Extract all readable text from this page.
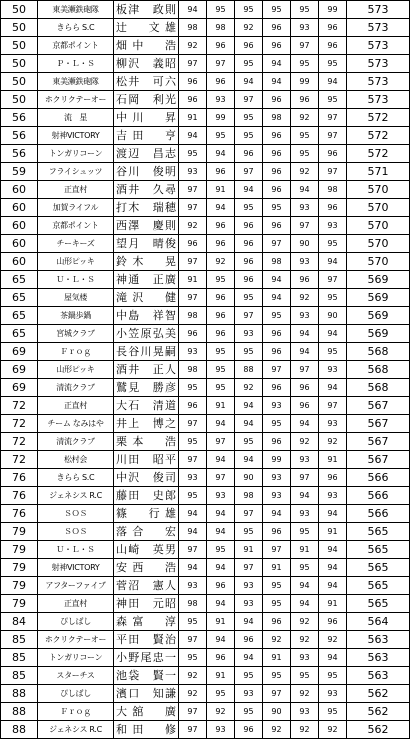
50	東美瀬鉄砲隊	板津　政則	94	95	95	95	95	99	573
50	きらら S.C	辻　文雄	98	98	92	96	93	96	573
50	京都ポイント	畑中　浩	92	96	96	96	97	96	573
50	Ｐ・Ｌ・Ｓ	柳沢　義昭	97	97	95	94	95	95	573
50	東美瀬鉄砲隊	松井　可六	96	96	94	94	99	94	573
50	ホクリクテーオー	石岡　利光	96	93	97	96	96	95	573
56	流　星	中川　昇	91	99	95	98	92	97	572
56	射神VICTORY	吉田　亨	94	95	95	96	95	97	572
56	トンガリコーン	渡辺　昌志	95	94	96	96	95	96	572
59	フライシュッツ	谷川　俊明	93	96	97	96	92	97	571
60	正直村	酒井　久尋	97	91	94	96	94	98	570
60	加賀ライフル	打木　瑞穂	97	94	95	95	93	96	570
60	京都ポイント	西澤　慶則	92	96	96	96	97	93	570
60	チーキーズ	望月　晴俊	96	96	96	97	90	95	570
60	山形ピッキ	鈴木　晃	97	92	96	98	93	94	570
65	Ｕ・Ｌ・Ｓ	神通　正廣	91	95	96	94	96	97	569
65	屋気楼	滝沢　健	97	96	95	94	92	95	569
65	茶鍋歩鍋	中島　祥智	98	96	97	95	93	90	569
65	宮城クラブ	小笠原弘美	96	96	93	96	94	94	569
69	Ｆｒｏｇ	長谷川晃嗣	93	95	95	96	94	95	568
69	山形ピッキ	酒井　正人	98	95	88	97	97	93	568
69	清流クラブ	鷲見　勝彦	95	95	92	96	96	94	568
72	正直村	大石　清道	96	91	94	93	96	97	567
72	チーム なみはや	井上　博之	97	94	94	95	94	93	567
72	清流クラブ	栗本　浩	95	97	95	96	92	92	567
72	松村会	川田　昭平	97	94	94	99	93	91	567
76	きらら S.C	中沢　俊司	93	97	90	93	97	96	566
76	ジェネシス R.C	藤田　史郎	95	93	98	93	94	93	566
76	ＳＯＳ	篠　行雄	94	94	97	94	93	94	566
79	ＳＯＳ	落合　宏	94	94	95	96	95	91	565
79	Ｕ・Ｌ・Ｓ	山崎　英男	97	95	91	97	91	94	565
79	射神VICTORY	安西　浩	94	94	97	91	95	94	565
79	アフターファイブ	菅沼　憲人	93	96	93	95	94	94	565
79	正直村	神田　元昭	98	94	93	95	94	91	565
84	ぴしばし	森富　淳	95	91	94	96	92	96	564
85	ホクリクテーオー	平田　賢治	97	94	96	92	92	92	563
85	トンガリコーン	小野尾忠一	95	96	94	91	93	94	563
85	スターチス	池袋　賢一	92	91	95	95	95	95	563
88	ぴしばし	濱口　知謙	92	95	93	97	92	93	562
88	Ｆｒｏｇ	大舘　廣	97	92	95	90	93	95	562
88	ジェネシス R.C	和田　修	97	93	96	92	92	92	562
